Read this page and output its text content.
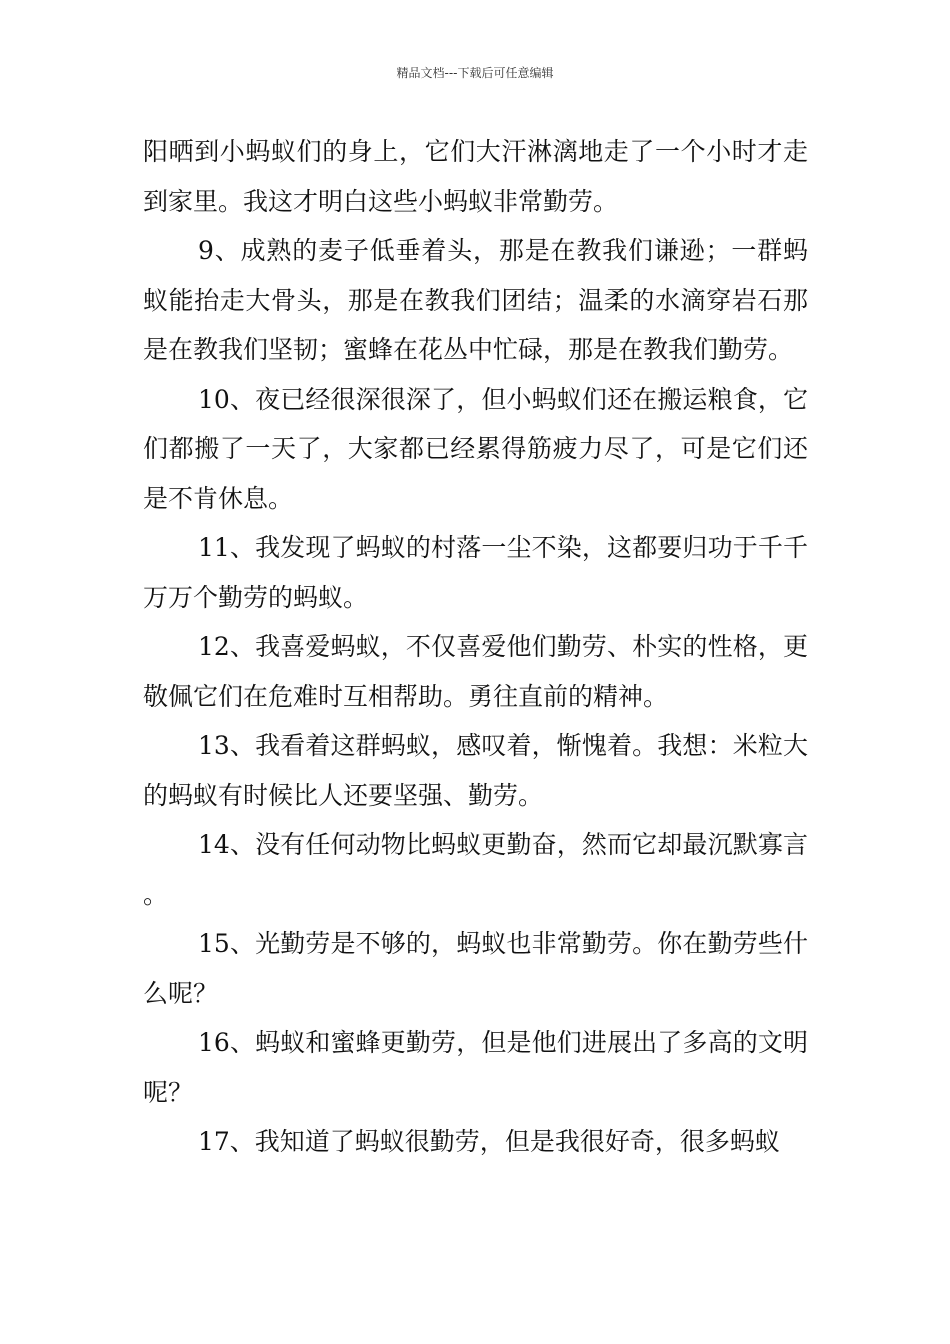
精品文档---下载后可任意编辑

阳晒到小蚂蚁们的身上，它们大汗淋漓地走了一个小时才走到家里。我这才明白这些小蚂蚁非常勤劳。

9、成熟的麦子低垂着头，那是在教我们谦逊；一群蚂蚁能抬走大骨头，那是在教我们团结；温柔的水滴穿岩石那是在教我们坚韧；蜜蜂在花丛中忙碌，那是在教我们勤劳。

10、夜已经很深很深了，但小蚂蚁们还在搬运粮食，它们都搬了一天了，大家都已经累得筋疲力尽了，可是它们还是不肯休息。

11、我发现了蚂蚁的村落一尘不染，这都要归功于千千万万个勤劳的蚂蚁。

12、我喜爱蚂蚁，不仅喜爱他们勤劳、朴实的性格，更敬佩它们在危难时互相帮助。勇往直前的精神。

13、我看着这群蚂蚁，感叹着，惭愧着。我想：米粒大的蚂蚁有时候比人还要坚强、勤劳。

14、没有任何动物比蚂蚁更勤奋，然而它却最沉默寡言。

15、光勤劳是不够的，蚂蚁也非常勤劳。你在勤劳些什么呢？

16、蚂蚁和蜜蜂更勤劳，但是他们进展出了多高的文明呢？

17、我知道了蚂蚁很勤劳，但是我很好奇，很多蚂蚁
